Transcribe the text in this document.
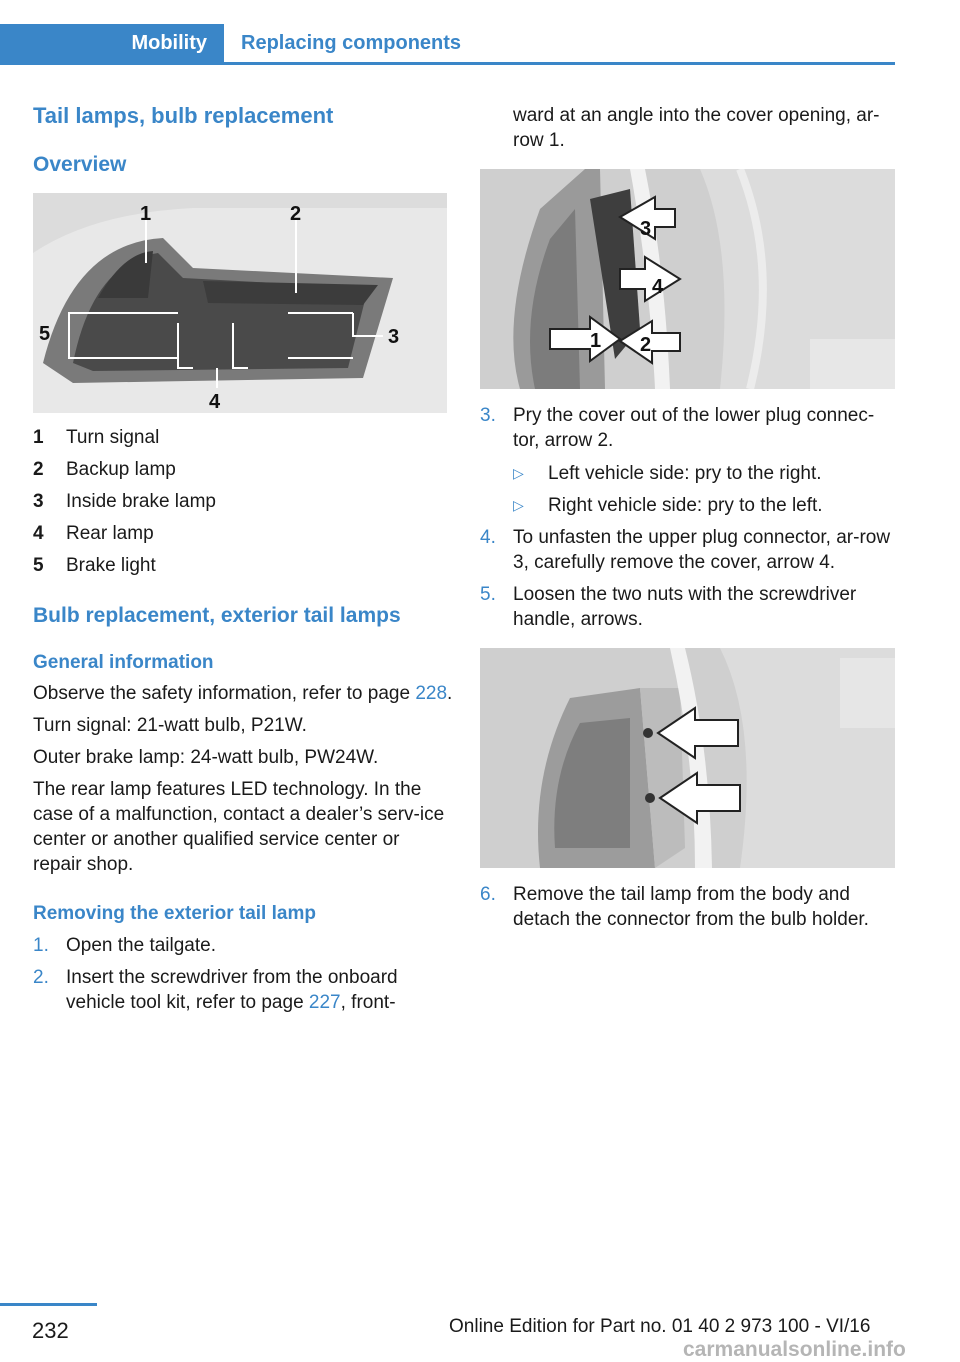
Mobility Replacing components
Tail lamps, bulb replacement
Overview
1	2
3
4
5
1	Turn signal
2	Backup lamp
3	Inside brake lamp
4	Rear lamp
5	Brake light
Bulb replacement, exterior tail lamps
General information

Observe the safety information, refer to page 228.

Turn signal: 21-watt bulb, P21W.

Outer brake lamp: 24-watt bulb, PW24W.

The rear lamp features LED technology. In the case of a malfunction, contact a dealer’s serv-ice center or another qualified service center or repair shop.

Removing the exterior tail lamp
1. Open the tailgate.
2. Insert the screwdriver from the onboard vehicle tool kit, refer to page 227, front-

ward at an angle into the cover opening, ar-row 1.

3
4
1 2
3. Pry the cover out of the lower plug connec-tor, arrow 2.
▷	Left vehicle side: pry to the right.
▷	Right vehicle side: pry to the left.
4. To unfasten the upper plug connector, ar-row 3, carefully remove the cover, arrow 4.
5. Loosen the two nuts with the screwdriver handle, arrows.
6. Remove the tail lamp from the body and detach the connector from the bulb holder.
232	Online Edition for Part no. 01 40 2 973 100 - VI/16
carmanualsonline.info
